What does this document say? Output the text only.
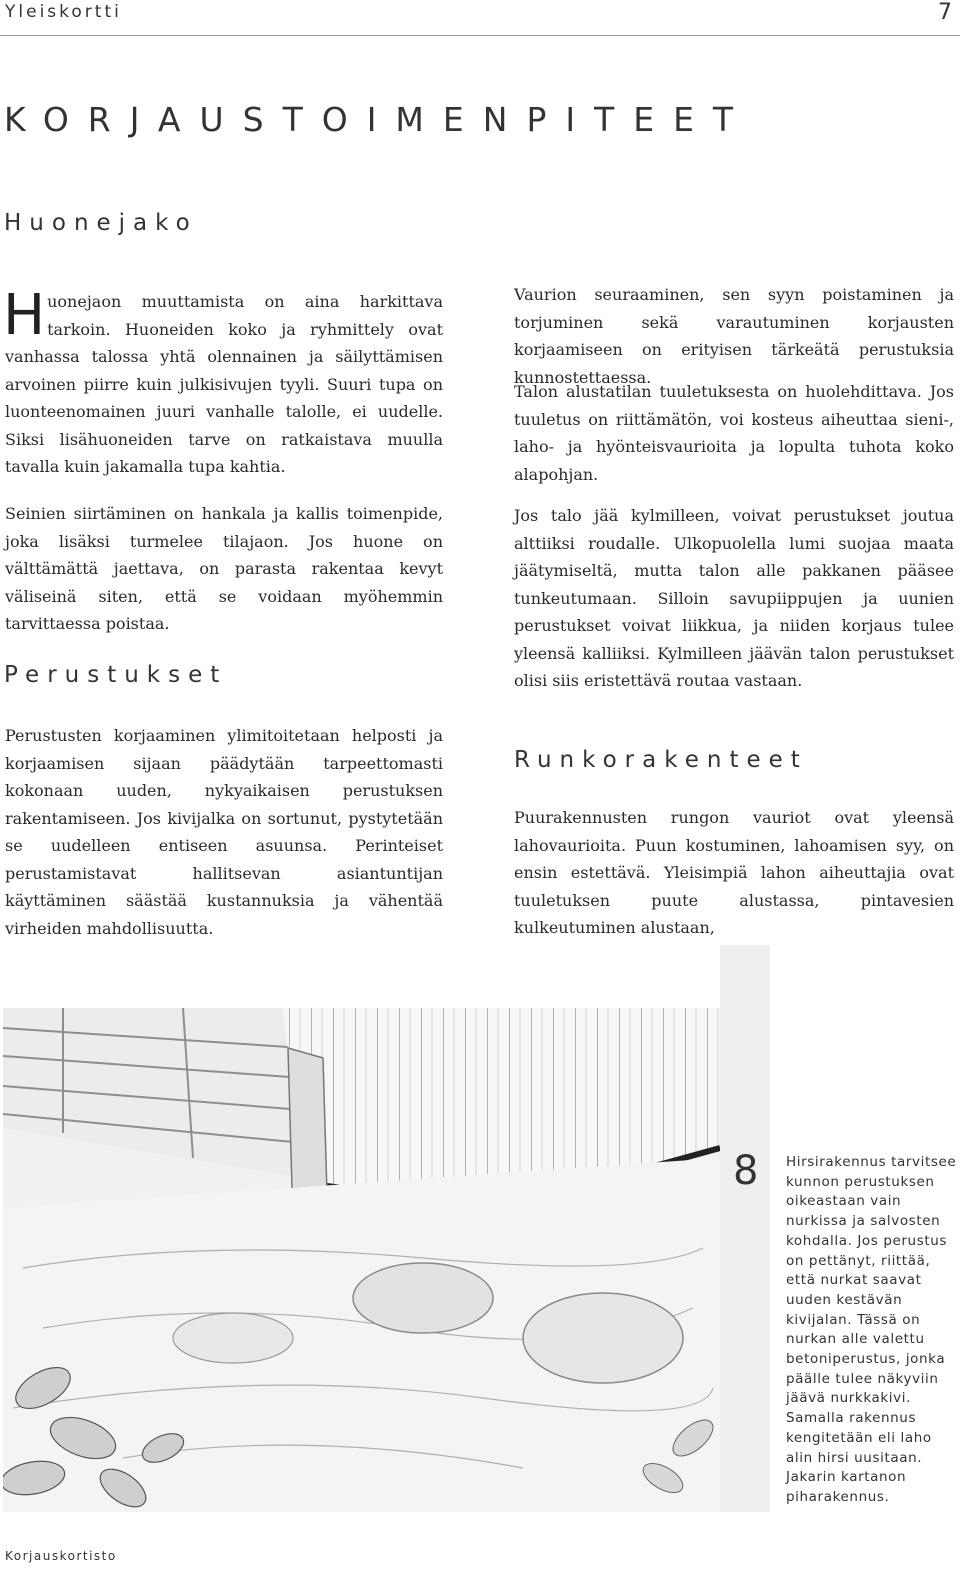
Yleiskortti	7
KORJAUSTOIMENPITEET
Huonejako

Huonejaon muuttamista on aina harkittava tarkoin. Huoneiden koko ja ryhmittely ovat vanhassa talossa yhtä olennainen ja säilyttämisen arvoinen piirre kuin julkisivujen tyyli. Suuri tupa on luonteenomainen juuri vanhalle talolle, ei uudelle. Siksi lisähuoneiden tarve on ratkaistava muulla tavalla kuin jakamalla tupa kahtia.

Seinien siirtäminen on hankala ja kallis toimenpide, joka lisäksi turmelee tilajaon. Jos huone on välttämättä jaettava, on parasta rakentaa kevyt väliseinä siten, että se voidaan myöhemmin tarvittaessa poistaa.

Perustukset

Perustusten korjaaminen ylimitoitetaan helposti ja korjaamisen sijaan päädytään tarpeettomasti kokonaan uuden, nykyaikaisen perustuksen rakentamiseen. Jos kivijalka on sortunut, pystytetään se uudelleen entiseen asuunsa. Perinteiset perustamistavat hallitsevan asiantuntijan käyttäminen säästää kustannuksia ja vähentää virheiden mahdollisuutta.

Vaurion seuraaminen, sen syyn poistaminen ja torjuminen sekä varautuminen korjausten korjaamiseen on erityisen tärkeätä perustuksia kunnostettaessa.

Talon alustatilan tuuletuksesta on huolehdittava. Jos tuuletus on riittämätön, voi kosteus aiheuttaa sieni-, laho- ja hyönteisvaurioita ja lopulta tuhota koko alapohjan.

Jos talo jää kylmilleen, voivat perustukset joutua alttiiksi roudalle. Ulkopuolella lumi suojaa maata jäätymiseltä, mutta talon alle pakkanen pääsee tunkeutumaan. Silloin savupiippujen ja uunien perustukset voivat liikkua, ja niiden korjaus tulee yleensä kalliiksi. Kylmilleen jäävän talon perustukset olisi siis eristettävä routaa vastaan.

Runkorakenteet

Puurakennusten rungon vauriot ovat yleensä lahovaurioita. Puun kostuminen, lahoamisen syy, on ensin estettävä. Yleisimpiä lahon aiheuttajia ovat tuuletuksen puute alustassa, pintavesien kulkeutuminen alustaan,

8 Hirsirakennus tarvitsee kunnon perustuksen oikeastaan vain nurkissa ja salvosten kohdalla. Jos perustus on pettänyt, riittää, että nurkat saavat uuden kestävän kivijalan. Tässä on nurkan alle valettu betoniperustus, jonka päälle tulee näkyviin jäävä nurkkakivi. Samalla rakennus kengitetään eli laho alin hirsi uusitaan. Jakarin kartanon piharakennus.

Korjauskortisto
